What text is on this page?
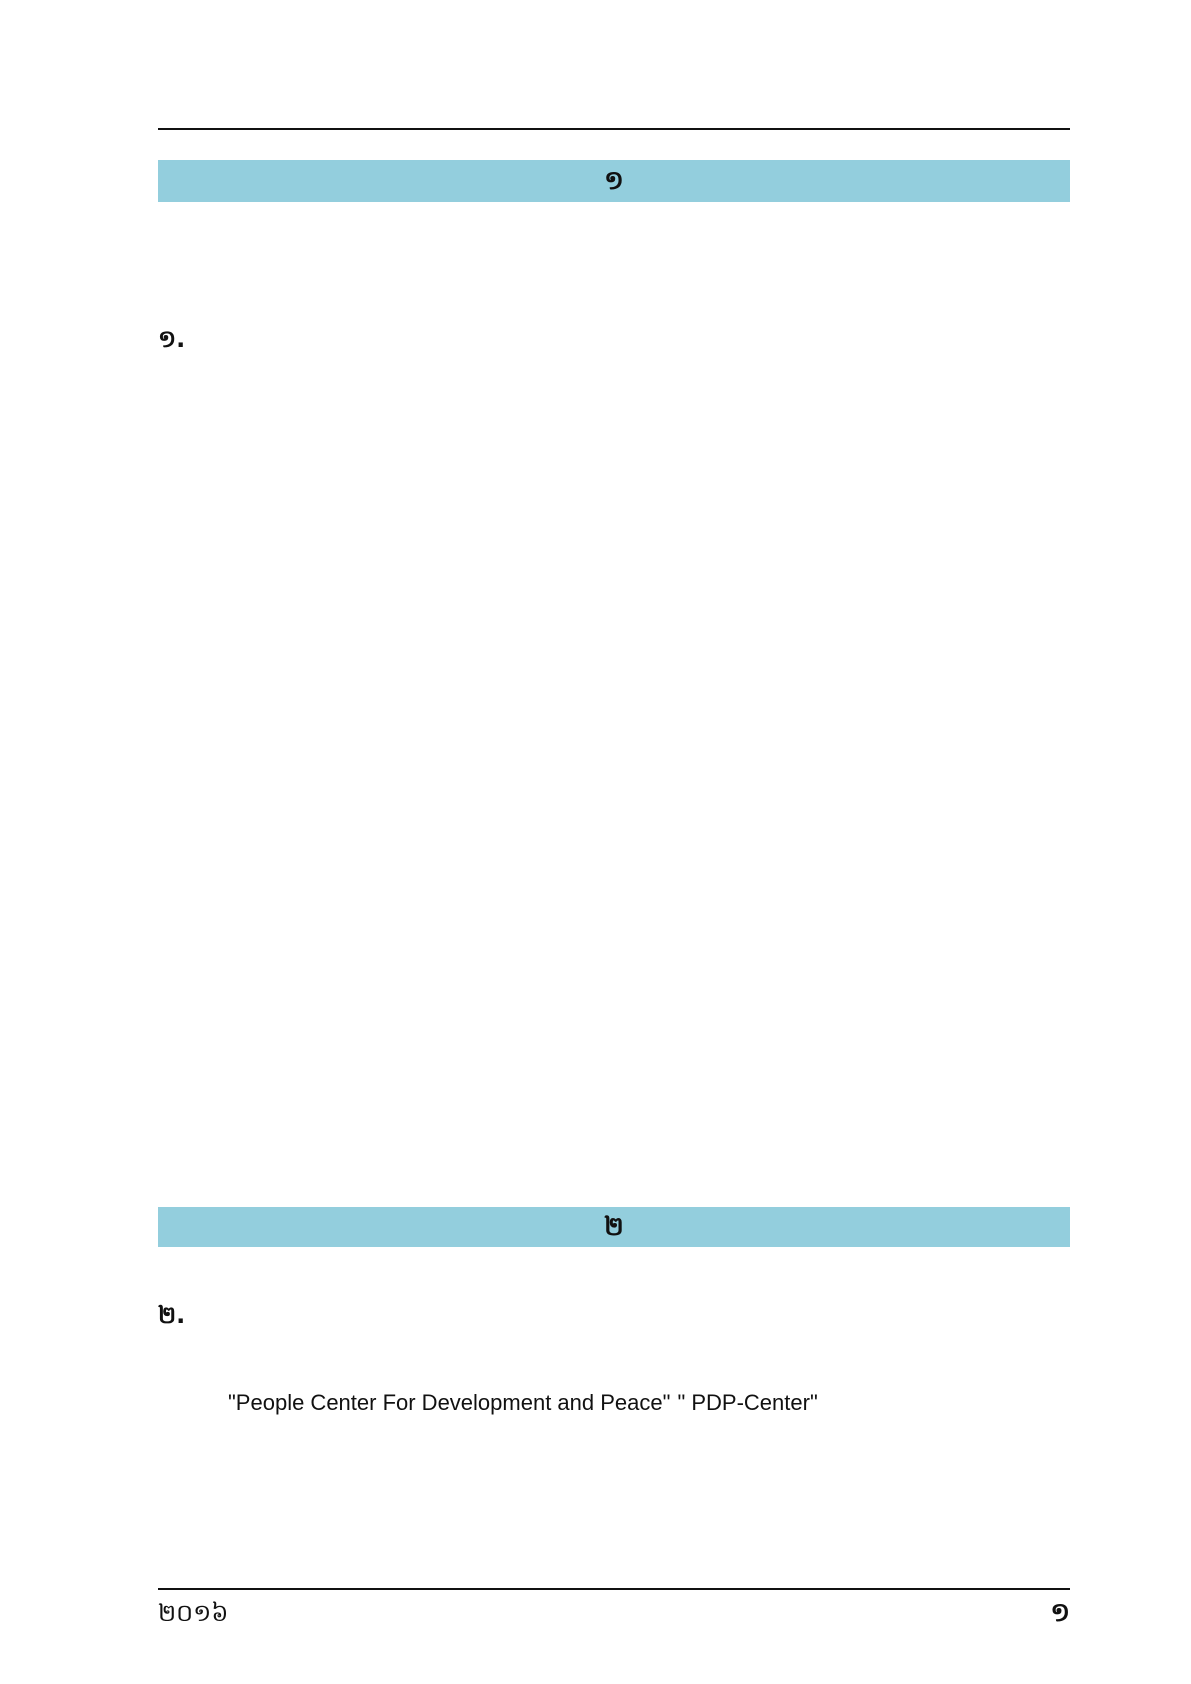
១
១.
២
២.
"People Center For Development and Peace" " PDP-Center"
២០១៦	១
